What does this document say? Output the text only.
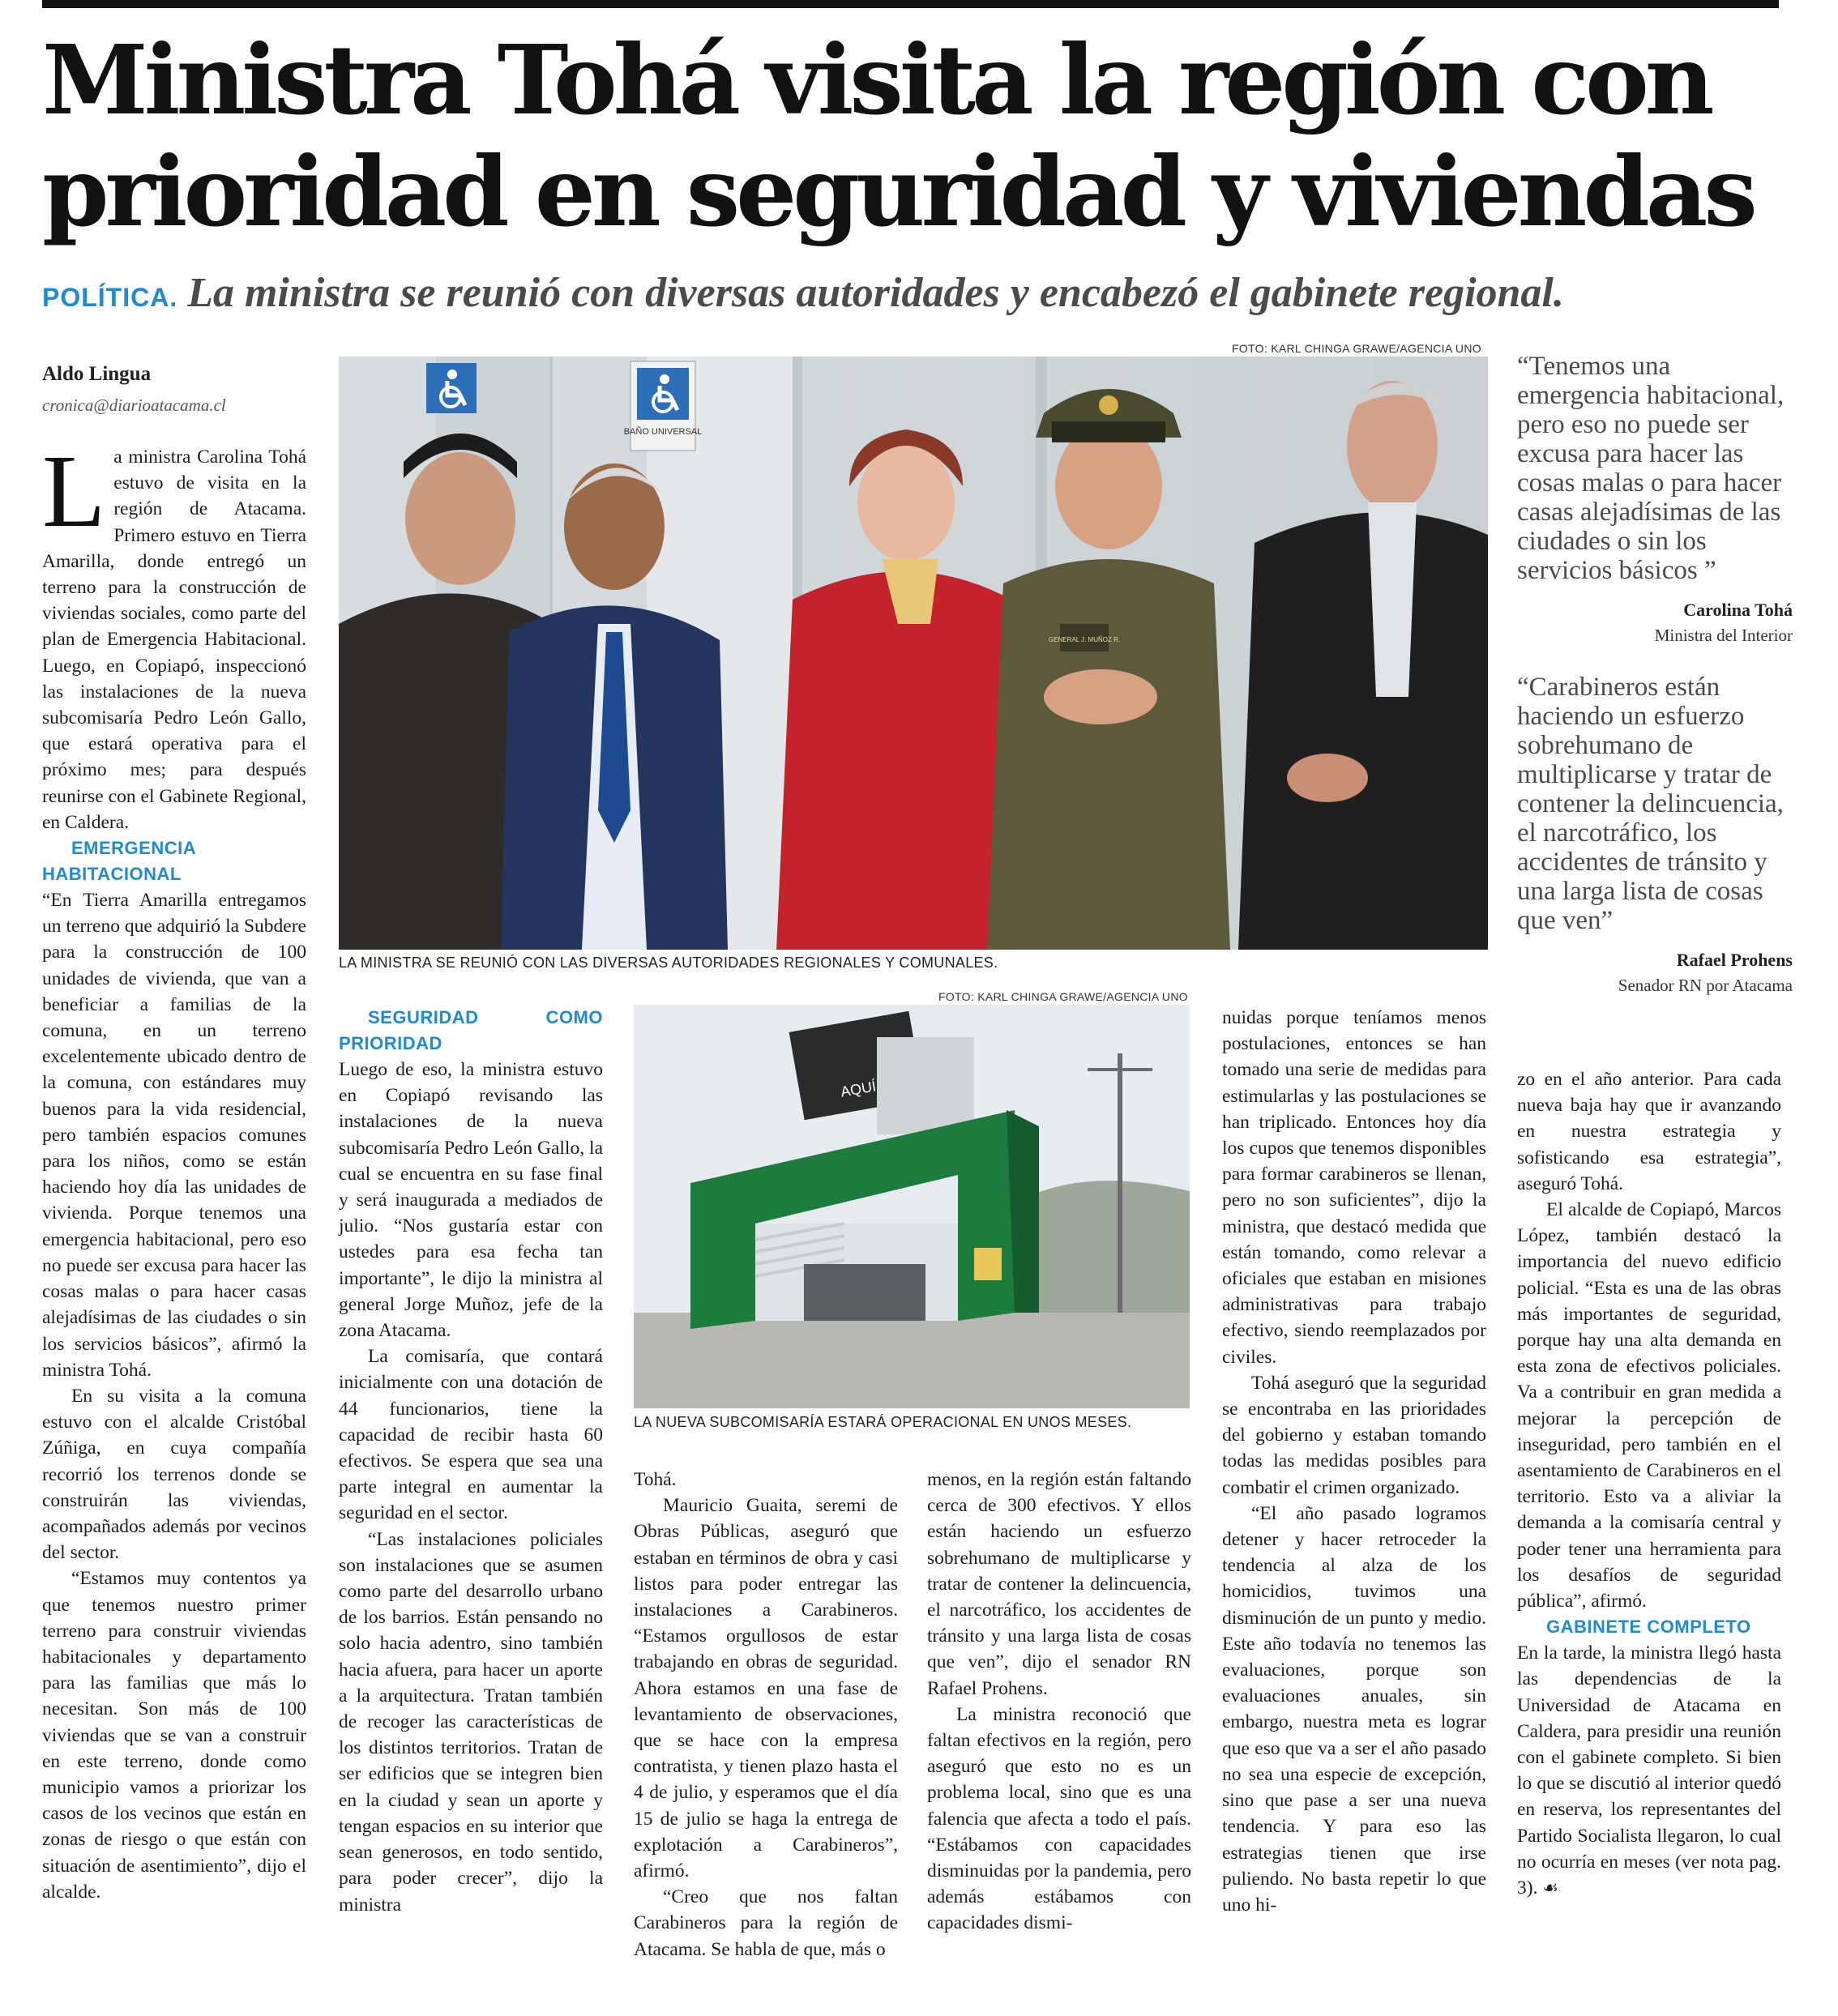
Ministra Tohá visita la región con
prioridad en seguridad y viviendas
POLÍTICA. La ministra se reunió con diversas autoridades y encabezó el gabinete regional.
Aldo Lingua
cronica@diarioatacama.cl
FOTO: KARL CHINGA GRAWE/AGENCIA UNO
BAÑO UNIVERSAL
GENERAL J. MUÑOZ R.
LA MINISTRA SE REUNIÓ CON LAS DIVERSAS AUTORIDADES REGIONALES Y COMUNALES.
FOTO: KARL CHINGA GRAWE/AGENCIA UNO
AQUÍ
LA NUEVA SUBCOMISARÍA ESTARÁ OPERACIONAL EN UNOS MESES.
“Tenemos una emergencia habitacional, pero eso no puede ser excusa para hacer las cosas malas o para hacer casas alejadísimas de las ciudades o sin los servicios básicos ”
Carolina Tohá
Ministra del Interior
“Carabineros están haciendo un esfuerzo sobrehumano de multiplicarse y tratar de contener la delincuencia, el narcotráfico, los accidentes de tránsito y una larga lista de cosas que ven”
Rafael Prohens
Senador RN por Atacama

La ministra Carolina Tohá estuvo de visita en la región de Atacama. Primero estuvo en Tierra Amarilla, donde entregó un terreno para la construcción de viviendas sociales, como parte del plan de Emergencia Habitacional. Luego, en Copiapó, inspeccionó las instalaciones de la nueva subcomisaría Pedro León Gallo, que estará operativa para el próximo mes; para después reunirse con el Gabinete Regional, en Caldera.

EMERGENCIA HABITACIONAL

“En Tierra Amarilla entregamos un terreno que adquirió la Subdere para la construcción de 100 unidades de vivienda, que van a beneficiar a familias de la comuna, en un terreno excelentemente ubicado dentro de la comuna, con estándares muy buenos para la vida residencial, pero también espacios comunes para los niños, como se están haciendo hoy día las unidades de vivienda. Porque tenemos una emergencia habitacional, pero eso no puede ser excusa para hacer las cosas malas o para hacer casas alejadísimas de las ciudades o sin los servicios básicos”, afirmó la ministra Tohá.

En su visita a la comuna estuvo con el alcalde Cristóbal Zúñiga, en cuya compañía recorrió los terrenos donde se construirán las viviendas, acompañados además por vecinos del sector.

“Estamos muy contentos ya que tenemos nuestro primer terreno para construir viviendas habitacionales y departamento para las familias que más lo necesitan. Son más de 100 viviendas que se van a construir en este terreno, donde como municipio vamos a priorizar los casos de los vecinos que están en zonas de riesgo o que están con situación de asentimiento”, dijo el alcalde.

SEGURIDAD COMO PRIORIDAD

Luego de eso, la ministra estuvo en Copiapó revisando las instalaciones de la nueva subcomisaría Pedro León Gallo, la cual se encuentra en su fase final y será inaugurada a mediados de julio. “Nos gustaría estar con ustedes para esa fecha tan importante”, le dijo la ministra al general Jorge Muñoz, jefe de la zona Atacama.

La comisaría, que contará inicialmente con una dotación de 44 funcionarios, tiene la capacidad de recibir hasta 60 efectivos. Se espera que sea una parte integral en aumentar la seguridad en el sector.

“Las instalaciones policiales son instalaciones que se asumen como parte del desarrollo urbano de los barrios. Están pensando no solo hacia adentro, sino también hacia afuera, para hacer un aporte a la arquitectura. Tratan también de recoger las características de los distintos territorios. Tratan de ser edificios que se integren bien en la ciudad y sean un aporte y tengan espacios en su interior que sean generosos, en todo sentido, para poder crecer”, dijo la ministra

Tohá.

Mauricio Guaita, seremi de Obras Públicas, aseguró que estaban en términos de obra y casi listos para poder entregar las instalaciones a Carabineros. “Estamos orgullosos de estar trabajando en obras de seguridad. Ahora estamos en una fase de levantamiento de observaciones, que se hace con la empresa contratista, y tienen plazo hasta el 4 de julio, y esperamos que el día 15 de julio se haga la entrega de explotación a Carabineros”, afirmó.

“Creo que nos faltan Carabineros para la región de Atacama. Se habla de que, más o

menos, en la región están faltando cerca de 300 efectivos. Y ellos están haciendo un esfuerzo sobrehumano de multiplicarse y tratar de contener la delincuencia, el narcotráfico, los accidentes de tránsito y una larga lista de cosas que ven”, dijo el senador RN Rafael Prohens.

La ministra reconoció que faltan efectivos en la región, pero aseguró que esto no es un problema local, sino que es una falencia que afecta a todo el país. “Estábamos con capacidades disminuidas por la pandemia, pero además estábamos con capacidades dismi-

nuidas porque teníamos menos postulaciones, entonces se han tomado una serie de medidas para estimularlas y las postulaciones se han triplicado. Entonces hoy día los cupos que tenemos disponibles para formar carabineros se llenan, pero no son suficientes”, dijo la ministra, que destacó medida que están tomando, como relevar a oficiales que estaban en misiones administrativas para trabajo efectivo, siendo reemplazados por civiles.

Tohá aseguró que la seguridad se encontraba en las prioridades del gobierno y estaban tomando todas las medidas posibles para combatir el crimen organizado.

“El año pasado logramos detener y hacer retroceder la tendencia al alza de los homicidios, tuvimos una disminución de un punto y medio. Este año todavía no tenemos las evaluaciones, porque son evaluaciones anuales, sin embargo, nuestra meta es lograr que eso que va a ser el año pasado no sea una especie de excepción, sino que pase a ser una nueva tendencia. Y para eso las estrategias tienen que irse puliendo. No basta repetir lo que uno hi-

zo en el año anterior. Para cada nueva baja hay que ir avanzando en nuestra estrategia y sofisticando esa estrategia”, aseguró Tohá.

El alcalde de Copiapó, Marcos López, también destacó la importancia del nuevo edificio policial. “Esta es una de las obras más importantes de seguridad, porque hay una alta demanda en esta zona de efectivos policiales. Va a contribuir en gran medida a mejorar la percepción de inseguridad, pero también en el asentamiento de Carabineros en el territorio. Esto va a aliviar la demanda a la comisaría central y poder tener una herramienta para los desafíos de seguridad pública”, afirmó.

GABINETE COMPLETO

En la tarde, la ministra llegó hasta las dependencias de la Universidad de Atacama en Caldera, para presidir una reunión con el gabinete completo. Si bien lo que se discutió al interior quedó en reserva, los representantes del Partido Socialista llegaron, lo cual no ocurría en meses (ver nota pag. 3). ☙
